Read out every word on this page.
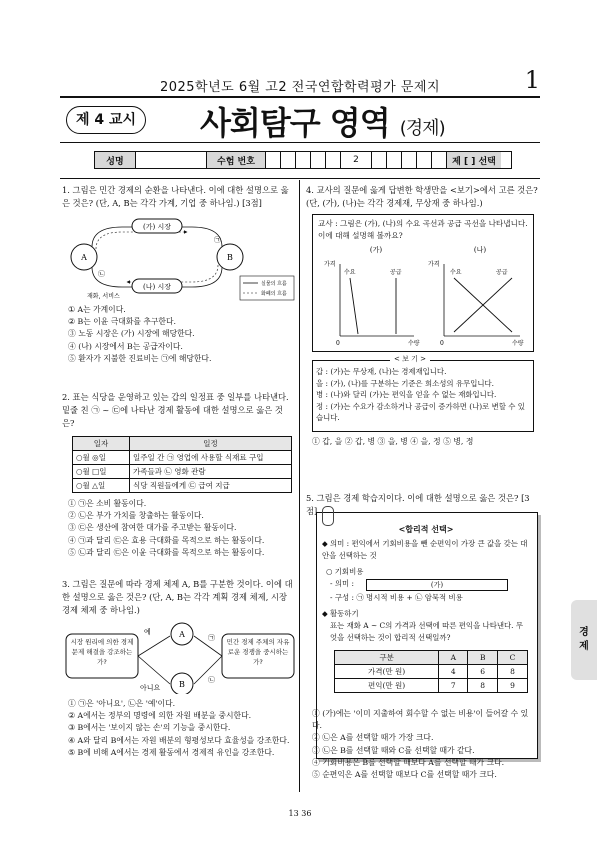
2025학년도 6월 고2 전국연합학력평가 문제지	1
제 4 교시	사회탐구 영역 (경제)
성명	수험 번호	2	제 [ ] 선택
1. 그림은 민간 경제의 순환을 나타낸다. 이에 대한 설명으로 옳은 것은? (단, A, B는 각각 가계, 기업 중 하나임.) [3점]
(가) 시장
(나) 시장
A	B
㉠
㉡
재화, 서비스
실물의 흐름
화폐의 흐름
① A는 가계이다.
② B는 이윤 극대화를 추구한다.
③ 노동 시장은 (가) 시장에 해당한다.
④ (나) 시장에서 B는 공급자이다.
⑤ 환자가 지불한 진료비는 ㉠에 해당한다.
2. 표는 식당을 운영하고 있는 갑의 일정표 중 일부를 나타낸다. 밑줄 친 ㉠ ~ ㉢에 나타난 경제 활동에 대한 설명으로 옳은 것은?
일자	일정
○월 ◎일	일주일 간 ㉠ 영업에 사용할 식재료 구입
○월 □일	가족들과 ㉡ 영화 관람
○월 △일	식당 직원들에게 ㉢ 급여 지급
① ㉠은 소비 활동이다.
② ㉡은 부가 가치를 창출하는 활동이다.
③ ㉢은 생산에 참여한 대가를 주고받는 활동이다.
④ ㉠과 달리 ㉢은 효용 극대화를 목적으로 하는 활동이다.
⑤ ㉡과 달리 ㉢은 이윤 극대화를 목적으로 하는 활동이다.
3. 그림은 질문에 따라 경제 체제 A, B를 구분한 것이다. 이에 대한 설명으로 옳은 것은? (단, A, B는 각각 계획 경제 체제, 시장 경제 체제 중 하나임.)
A
B
예
아니요
㉠
㉡
시장 원리에 의한 경제 문제 해결을 강조하는가?
민간 경제 주체의 자유로운 경쟁을 중시하는가?
① ㉠은 '아니요', ㉡은 '예'이다.
② A에서는 정부의 명령에 의한 자원 배분을 중시한다.
③ B에서는 '보이지 않는 손'의 기능을 중시한다.
④ A와 달리 B에서는 자원 배분의 형평성보다 효율성을 강조한다.
⑤ B에 비해 A에서는 경제 활동에서 경제적 유인을 강조한다.
4. 교사의 질문에 옳게 답변한 학생만을 <보기>에서 고른 것은? (단, (가), (나)는 각각 경제재, 무상재 중 하나임.)
교사 : 그림은 (가), (나)의 수요 곡선과 공급 곡선을 나타냅니다. 이에 대해 설명해 볼까요?
(가)	(나)
가격	가격
수량	수량
수요	공급	수요	공급
0	0
< 보 기 >
갑 : (가)는 무상재, (나)는 경제재입니다.
을 : (가), (나)를 구분하는 기준은 희소성의 유무입니다.
병 : (나)와 달리 (가)는 편익을 얻을 수 없는 재화입니다.
정 : (가)는 수요가 감소하거나 공급이 증가하면 (나)로 변할 수 있습니다.
① 갑, 을 ② 갑, 병 ③ 을, 병 ④ 을, 정 ⑤ 병, 정
5. 그림은 경제 학습지이다. 이에 대한 설명으로 옳은 것은? [3점]
<합리적 선택>
◆ 의미 : 편익에서 기회비용을 뺀 순편익이 가장 큰 값을 갖는 대안을 선택하는 것
○ 기회비용
- 의미 :	(가)
- 구성 : ㉠ 명시적 비용 + ㉡ 암묵적 비용
◆ 활동하기
표는 재화 A ~ C의 가격과 선택에 따른 편익을 나타낸다. 무엇을 선택하는 것이 합리적 선택일까?
구분	A	B	C
가격(만 원)	4	6	8
편익(만 원)	7	8	9
① (가)에는 '이미 지출하여 회수할 수 없는 비용'이 들어갈 수 있다.
② ㉡은 A를 선택할 때가 가장 크다.
③ ㉡은 B를 선택할 때와 C를 선택할 때가 같다.
④ 기회비용은 B를 선택할 때보다 A를 선택할 때가 크다.
⑤ 순편익은 A를 선택할 때보다 C를 선택할 때가 크다.
경
제
13 36
